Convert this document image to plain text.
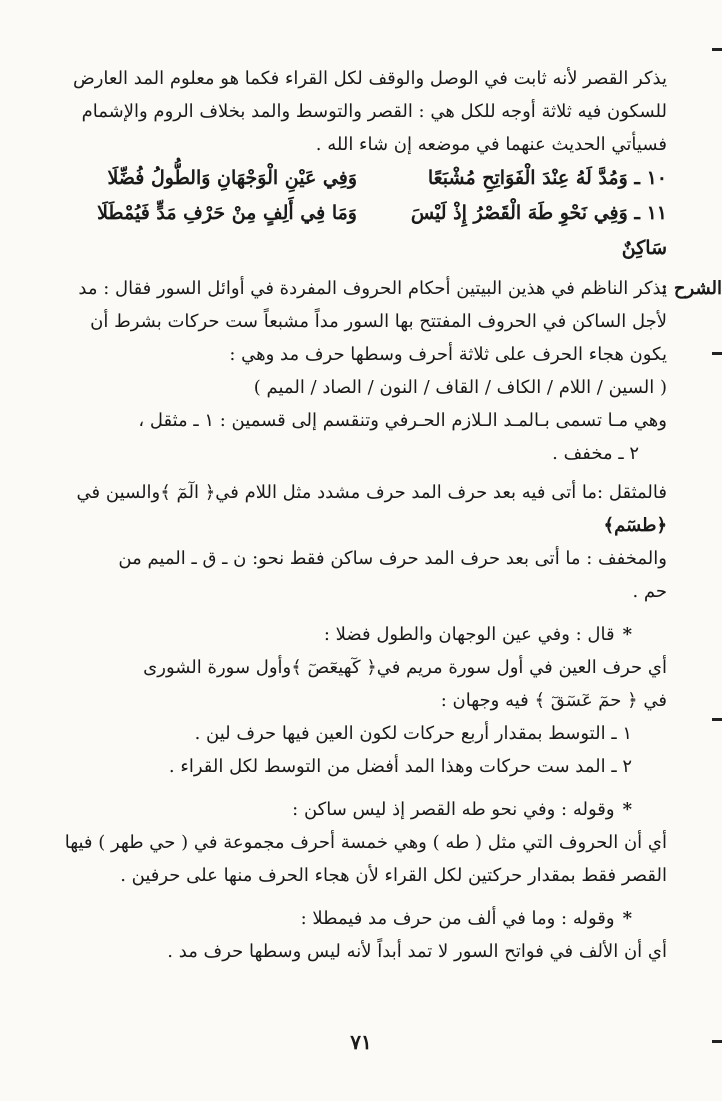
يذكر القصر لأنه ثابت في الوصل والوقف لكل القراء فكما هو معلوم المد العارض
للسكون فيه ثلاثة أوجه للكل هي : القصر والتوسط والمد بخلاف الروم والإشمام
فسيأتي الحديث عنهما في موضعه إن شاء الله .
١٠ ـ وَمُدَّ لَهُ عِنْدَ الْفَوَاتِحِ مُشْبَعًا
وَفِي عَيْنِ الْوَجْهَانِ وَالطُّولُ فُضِّلَا
١١ ـ وَفِي نَحْوِ طَهَ الْقَصْرُ إِذْ لَيْسَ سَاكِنٌ
وَمَا فِي أَلِفٍ مِنْ حَرْفِ مَدٍّ فَيُمْطَلَا
الشرح :
يذكر الناظم في هذين البيتين أحكام الحروف المفردة في أوائل السور فقال : مد
لأجل الساكن في الحروف المفتتح بها السور مداً مشبعاً ست حركات بشرط أن
يكون هجاء الحرف على ثلاثة أحرف وسطها حرف مد وهي :
( السين / اللام / الكاف / القاف / النون / الصاد / الميم )
وهي مـا تسمى بـالمـد الـلازم الحـرفي وتنقسم إلى قسمين : ١ ـ مثقل ،
٢ ـ مخفف .
فالمثقل :ما أتى فيه بعد حرف المد حرف مشدد مثل اللام في﴿ الٓمٓ ﴾والسين في
﴿طسٓم﴾
والمخفف : ما أتى بعد حرف المد حرف ساكن فقط نحو: ن ـ ق ـ الميم من
حم .
*قال : وفي عين الوجهان والطول فضلا :
أي حرف العين في أول سورة مريم في﴿ كٓهيعٓصٓ ﴾وأول سورة الشورى
في ﴿ حمٓ عٓسٓقٓ ﴾ فيه وجهان :
١ ـ التوسط بمقدار أربع حركات لكون العين فيها حرف لين .
٢ ـ المد ست حركات وهذا المد أفضل من التوسط لكل القراء .
*وقوله : وفي نحو طه القصر إذ ليس ساكن :
أي أن الحروف التي مثل ( طه ) وهي خمسة أحرف مجموعة في ( حي طهر ) فيها
القصر فقط بمقدار حركتين لكل القراء لأن هجاء الحرف منها على حرفين .
*وقوله : وما في ألف من حرف مد فيمطلا :
أي أن الألف في فواتح السور لا تمد أبداً لأنه ليس وسطها حرف مد .
٧١
